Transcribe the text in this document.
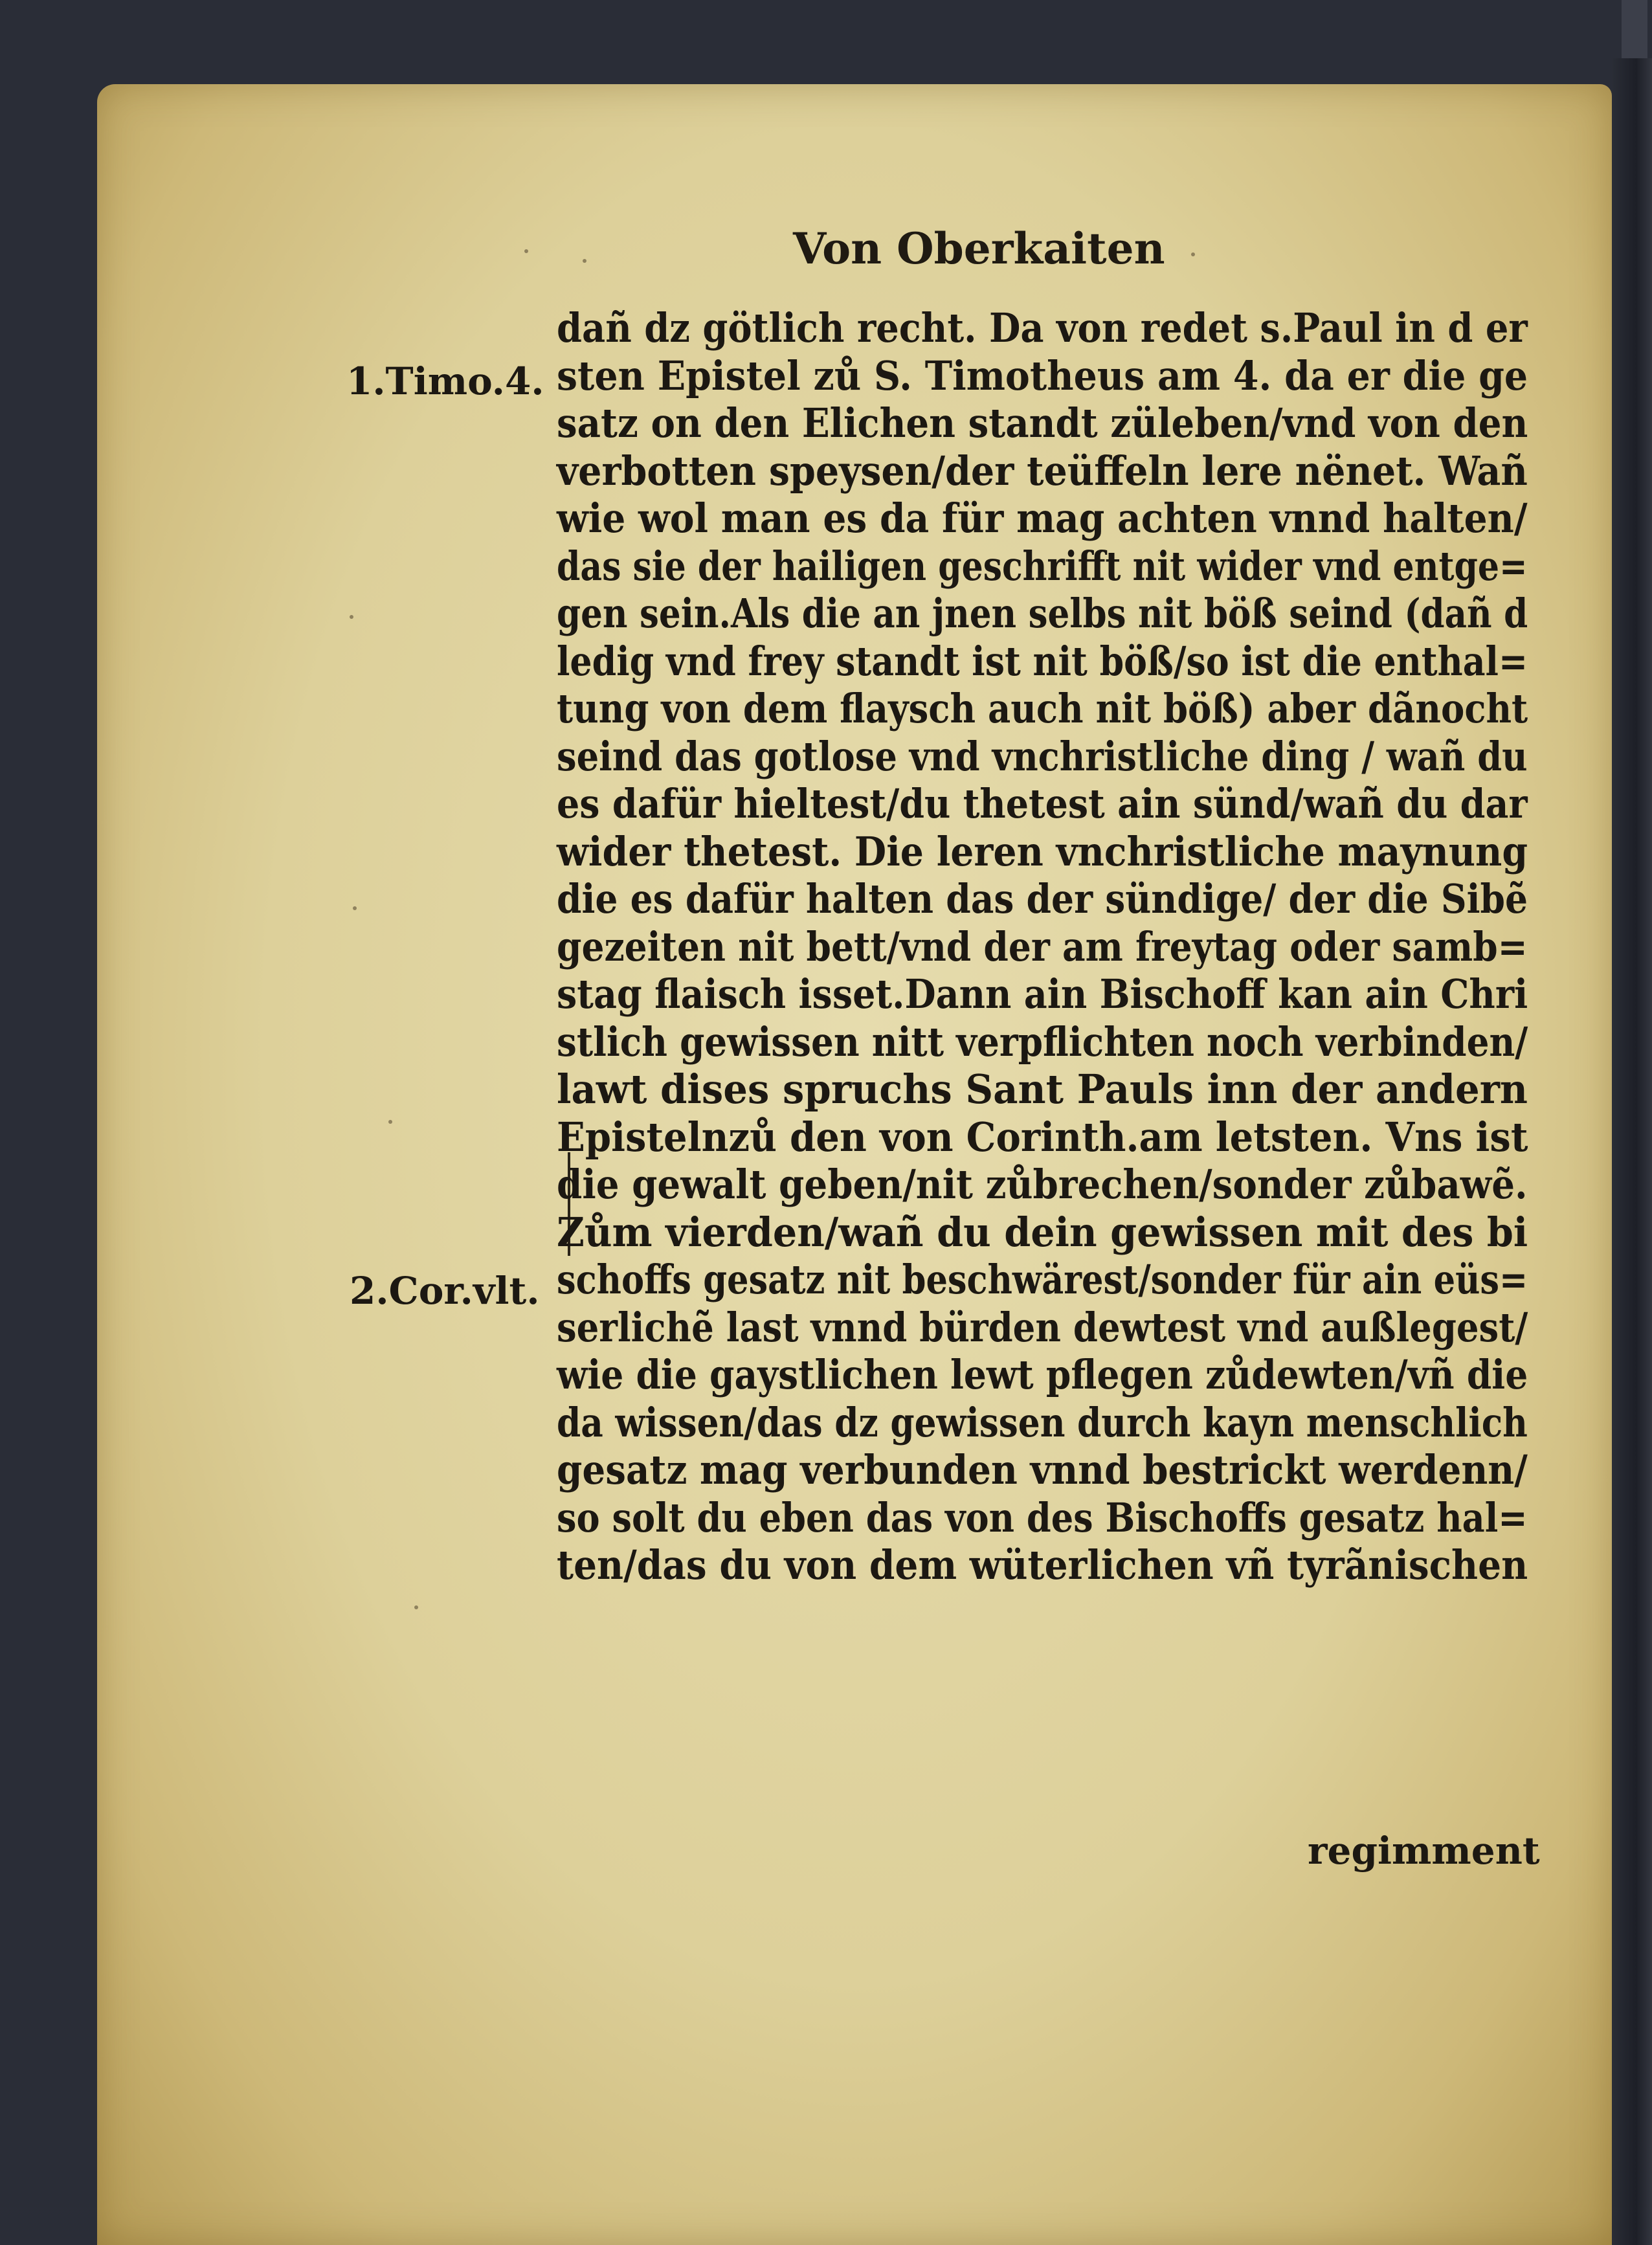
Von Oberkaiten
1.Timo.4.
2.Cor.vlt.
dañ dz götlich recht. Da von redet s.Paul in d er
sten Epistel zů S. Timotheus am 4. da er die ge
satz on den Elichen standt züleben/vnd von den
verbotten speysen/der teüffeln lere nënet. Wañ
wie wol man es da für mag achten vnnd halten/
das sie der hailigen geschrifft nit wider vnd entge=
gen sein.Als die an jnen selbs nit böß seind (dañ d
ledig vnd frey standt ist nit böß/so ist die enthal=
tung von dem flaysch auch nit böß) aber dãnocht
seind das gotlose vnd vnchristliche ding / wañ du
es dafür hieltest/du thetest ain sünd/wañ du dar
wider thetest. Die leren vnchristliche maynung
die es dafür halten das der sündige/ der die Sibẽ
gezeiten nit bett/vnd der am freytag oder samb=
stag flaisch isset.Dann ain Bischoff kan ain Chri
stlich gewissen nitt verpflichten noch verbinden/
lawt dises spruchs Sant Pauls inn der andern
Epistelnzů den von Corinth.am letsten. Vns ist
die gewalt geben/nit zůbrechen/sonder zůbawẽ.
Zům vierden/wañ du dein gewissen mit des bi
schoffs gesatz nit beschwärest/sonder für ain eüs=
serlichẽ last vnnd bürden dewtest vnd außlegest/
wie die gaystlichen lewt pflegen zůdewten/vñ die
da wissen/das dz gewissen durch kayn menschlich
gesatz mag verbunden vnnd bestrickt werdenn/
so solt du eben das von des Bischoffs gesatz hal=
ten/das du von dem wüterlichen vñ tyrãnischen
regimment
